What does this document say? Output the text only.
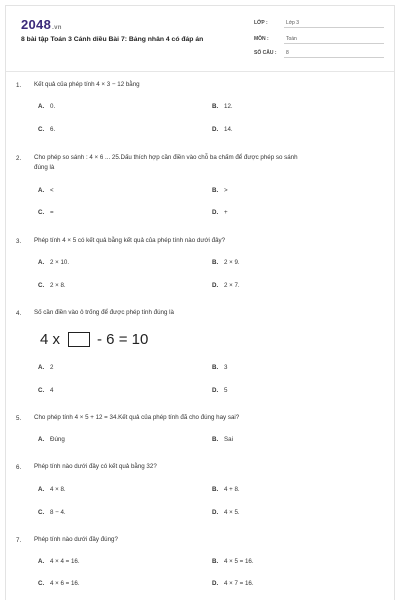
2048.vn
8 bài tập Toán 3 Cánh diều Bài 7: Bảng nhân 4 có đáp án
LỚP :	Lớp 3
MÔN :	Toán
SỐ CÂU : 8
1. Kết quả của phép tính 4 × 3 − 12 bằng
A. 0.	B. 12.
C. 6.	D. 14.
2. Cho phép so sánh : 4 × 6 ... 25.Dấu thích hợp cần điền vào chỗ ba chấm để được phép so sánh
đúng là
A. <	B. >
C. =	D. +
3. Phép tính 4 × 5 có kết quả bằng kết quả của phép tính nào dưới đây?
A. 2 × 10.	B. 2 × 9.
C. 2 × 8.	D. 2 × 7.
4. Số cần điền vào ô trống để được phép tính đúng là
4 x - 6 = 10
A. 2	B. 3
C. 4	D. 5
5. Cho phép tính 4 × 5 + 12 = 34.Kết quả của phép tính đã cho đúng hay sai?
A. Đúng	B. Sai
6. Phép tính nào dưới đây có kết quả bằng 32?
A. 4 × 8.	B. 4 + 8.
C. 8 − 4.	D. 4 × 5.
7. Phép tính nào dưới đây đúng?
A. 4 × 4 = 16.	B. 4 × 5 = 16.
C. 4 × 6 = 16.	D. 4 × 7 = 16.
